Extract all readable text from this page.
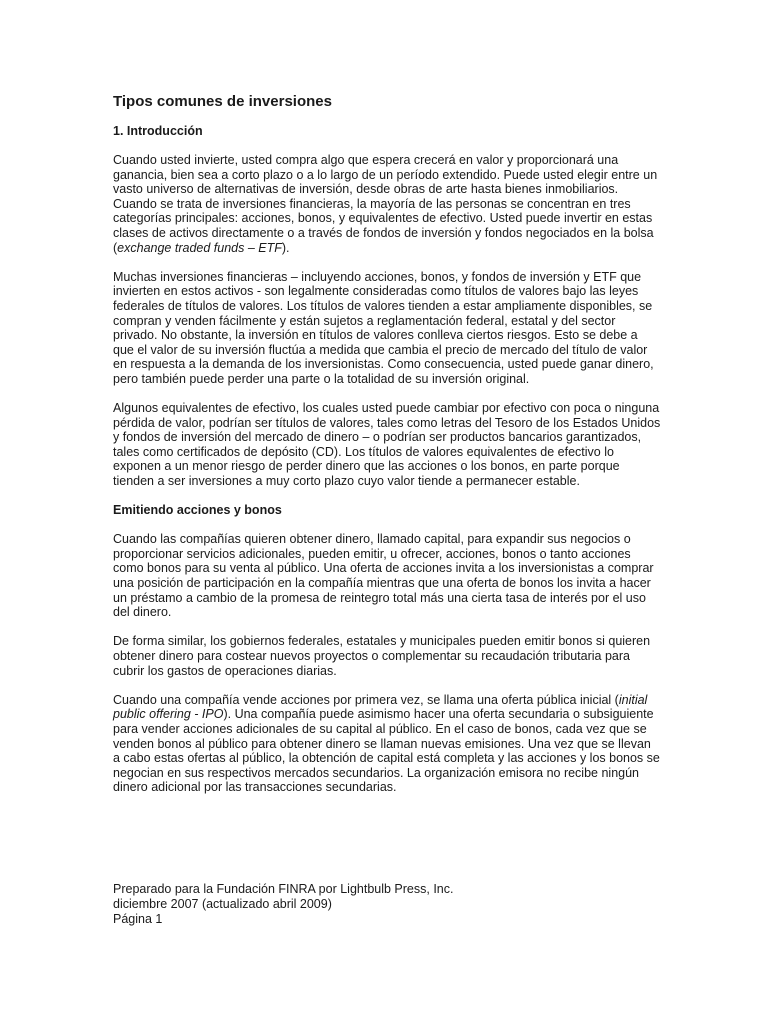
Tipos comunes de inversiones
1. Introducción

Cuando usted invierte, usted compra algo que espera crecerá en valor y proporcionará una ganancia, bien sea a corto plazo o a lo largo de un período extendido. Puede usted elegir entre un vasto universo de alternativas de inversión, desde obras de arte hasta bienes inmobiliarios. Cuando se trata de inversiones financieras, la mayoría de las personas se concentran en tres categorías principales: acciones, bonos, y equivalentes de efectivo. Usted puede invertir en estas clases de activos directamente o a través de fondos de inversión y fondos negociados en la bolsa (exchange traded funds – ETF).

Muchas inversiones financieras – incluyendo acciones, bonos, y fondos de inversión y ETF que invierten en estos activos - son legalmente consideradas como títulos de valores bajo las leyes federales de títulos de valores. Los títulos de valores tienden a estar ampliamente disponibles, se compran y venden fácilmente y están sujetos a reglamentación federal, estatal y del sector privado. No obstante, la inversión en títulos de valores conlleva ciertos riesgos. Esto se debe a que el valor de su inversión fluctúa a medida que cambia el precio de mercado del título de valor en respuesta a la demanda de los inversionistas. Como consecuencia, usted puede ganar dinero, pero también puede perder una parte o la totalidad de su inversión original.

Algunos equivalentes de efectivo, los cuales usted puede cambiar por efectivo con poca o ninguna pérdida de valor, podrían ser títulos de valores, tales como letras del Tesoro de los Estados Unidos y fondos de inversión del mercado de dinero – o podrían ser productos bancarios garantizados, tales como certificados de depósito (CD). Los títulos de valores equivalentes de efectivo lo exponen a un menor riesgo de perder dinero que las acciones o los bonos, en parte porque tienden a ser inversiones a muy corto plazo cuyo valor tiende a permanecer estable.

Emitiendo acciones y bonos

Cuando las compañías quieren obtener dinero, llamado capital, para expandir sus negocios o proporcionar servicios adicionales, pueden emitir, u ofrecer, acciones, bonos o tanto acciones como bonos para su venta al público. Una oferta de acciones invita a los inversionistas a comprar una posición de participación en la compañía mientras que una oferta de bonos los invita a hacer un préstamo a cambio de la promesa de reintegro total más una cierta tasa de interés por el uso del dinero.

De forma similar, los gobiernos federales, estatales y municipales pueden emitir bonos si quieren obtener dinero para costear nuevos proyectos o complementar su recaudación tributaria para cubrir los gastos de operaciones diarias.

Cuando una compañía vende acciones por primera vez, se llama una oferta pública inicial (initial public offering - IPO). Una compañía puede asimismo hacer una oferta secundaria o subsiguiente para vender acciones adicionales de su capital al público. En el caso de bonos, cada vez que se venden bonos al público para obtener dinero se llaman nuevas emisiones. Una vez que se llevan a cabo estas ofertas al público, la obtención de capital está completa y las acciones y los bonos se negocian en sus respectivos mercados secundarios. La organización emisora no recibe ningún dinero adicional por las transacciones secundarias.

Preparado para la Fundación FINRA por Lightbulb Press, Inc.
diciembre 2007 (actualizado abril 2009)
Página 1
